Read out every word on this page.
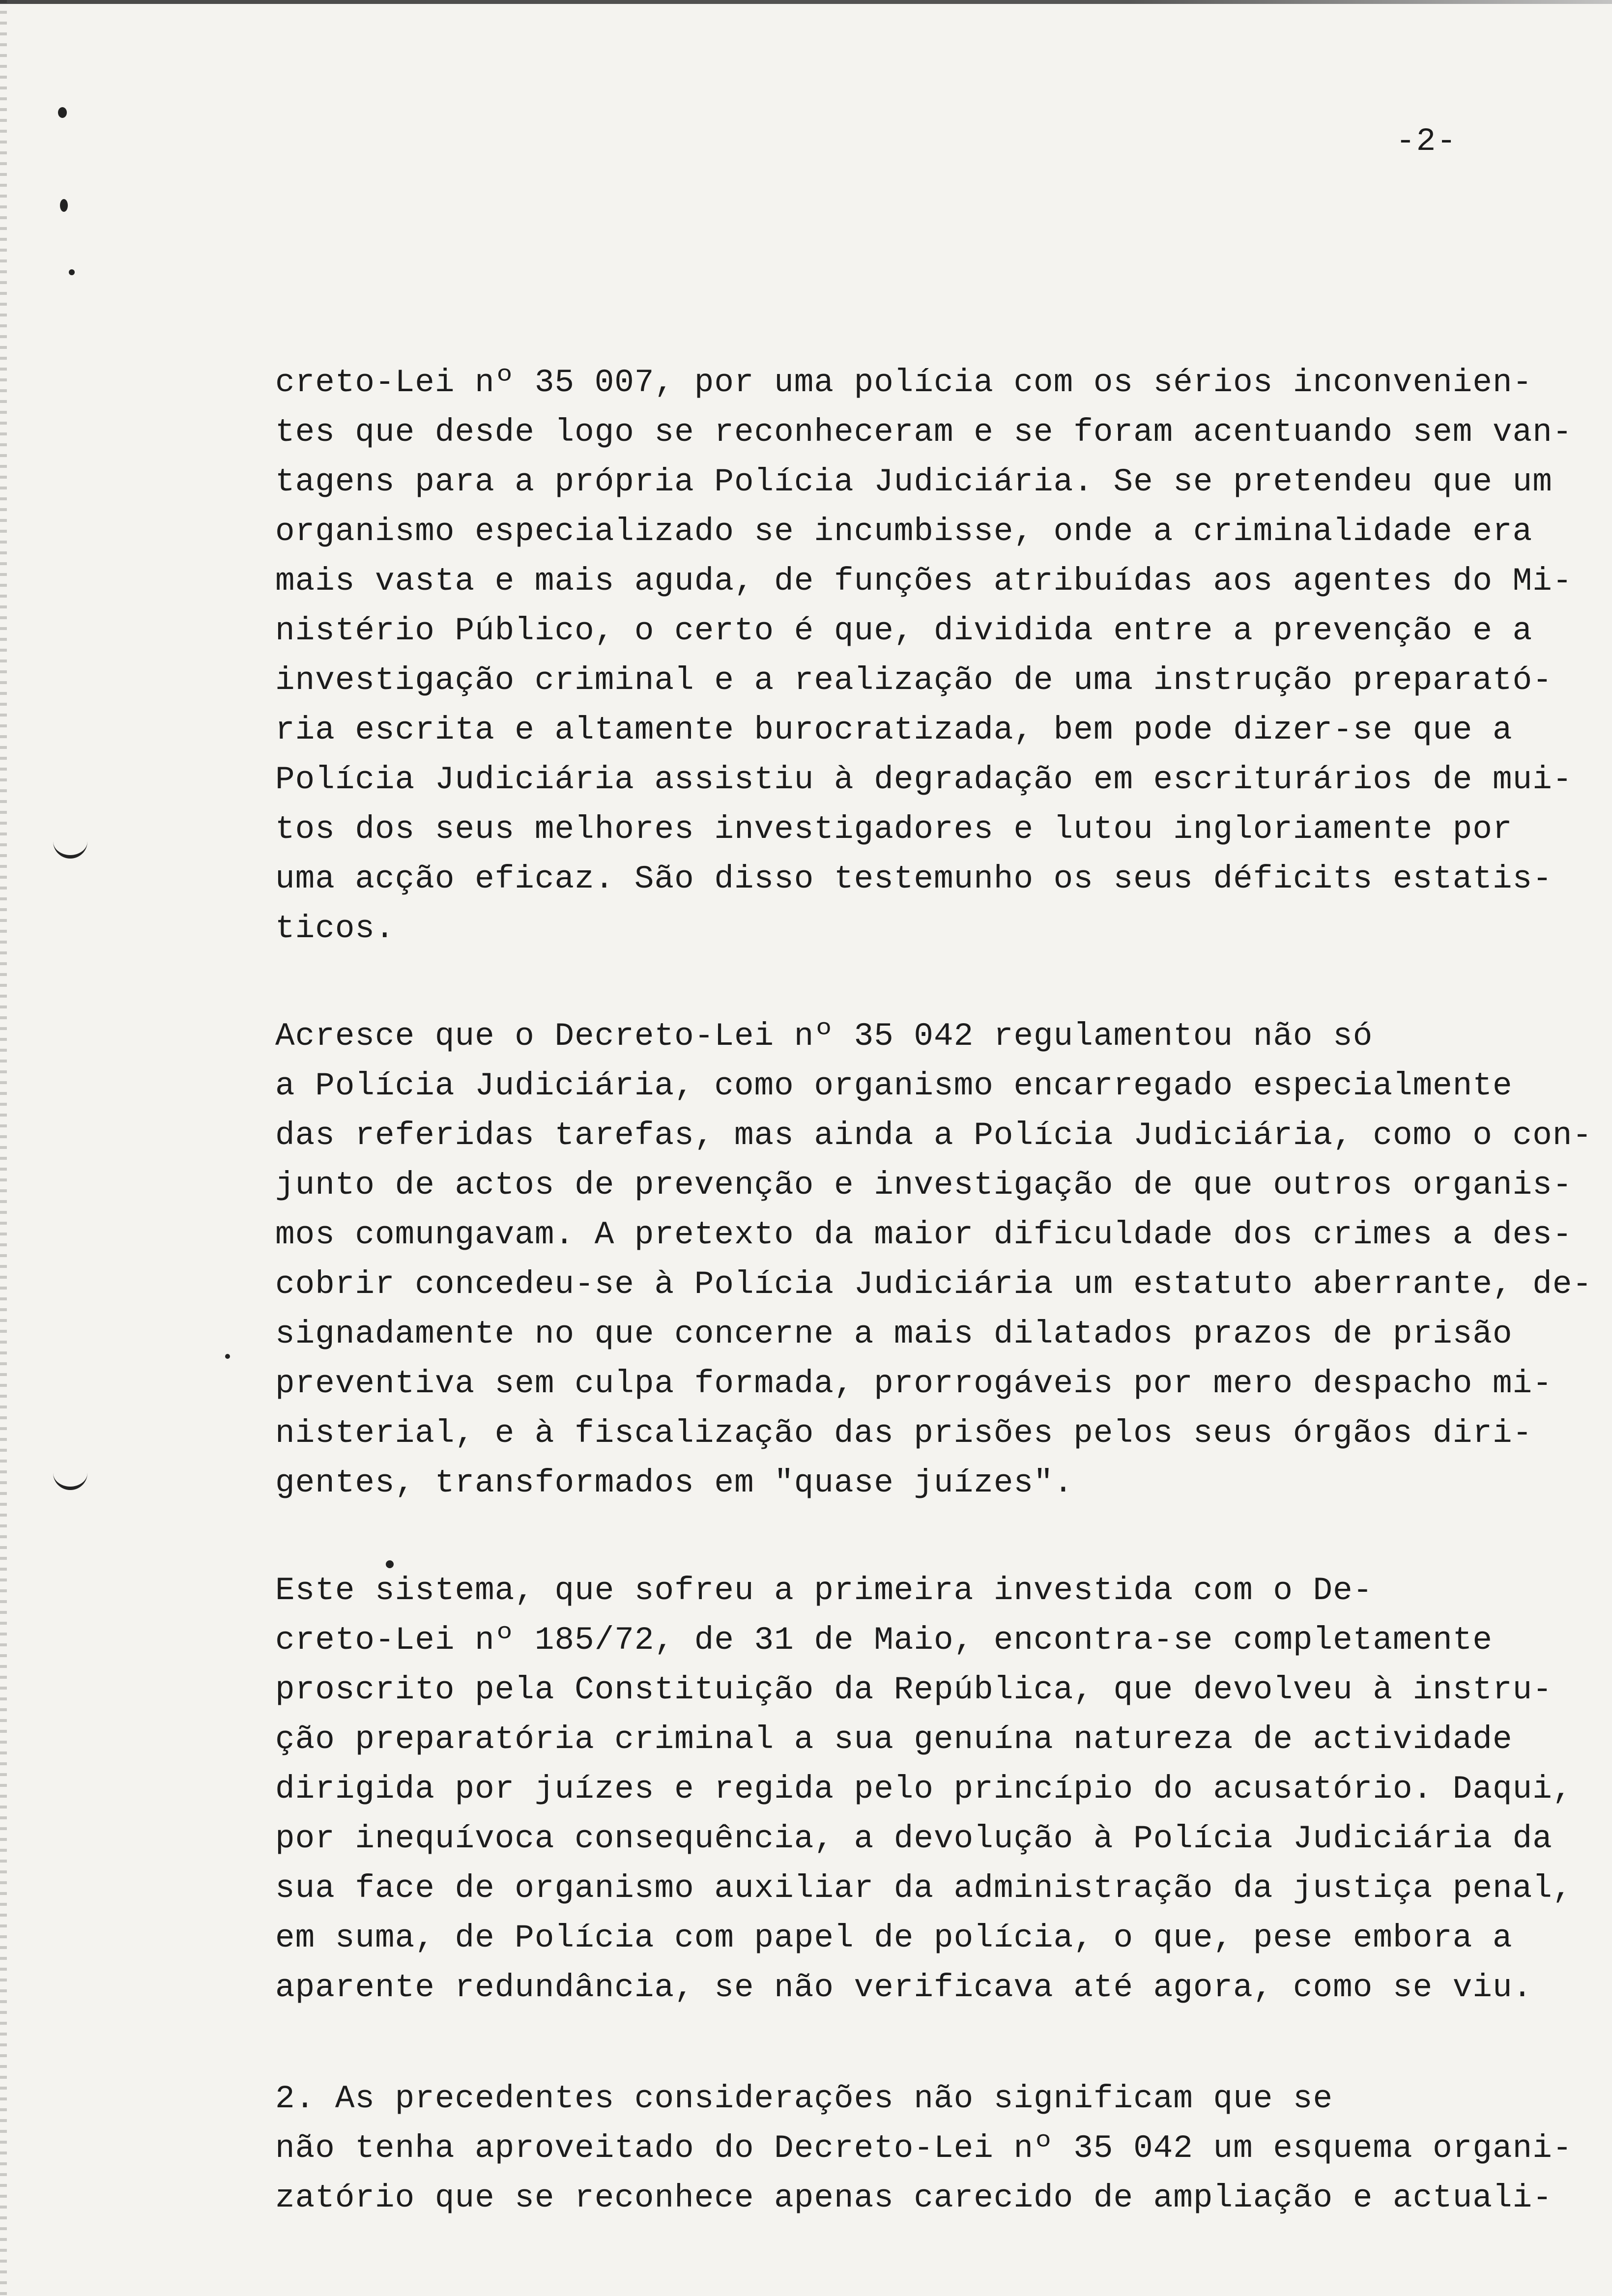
-2-
creto-Lei nº 35 007, por uma polícia com os sérios inconvenien-
tes que desde logo se reconheceram e se foram acentuando sem van-
tagens para a própria Polícia Judiciária. Se se pretendeu que um
organismo especializado se incumbisse, onde a criminalidade era
mais vasta e mais aguda, de funções atribuídas aos agentes do Mi-
nistério Público, o certo é que, dividida entre a prevenção e a
investigação criminal e a realização de uma instrução preparató-
ria escrita e altamente burocratizada, bem pode dizer-se que a
Polícia Judiciária assistiu à degradação em escriturários de mui-
tos dos seus melhores investigadores e lutou ingloriamente por
uma acção eficaz. São disso testemunho os seus déficits estatis-
ticos.
Acresce que o Decreto-Lei nº 35 042 regulamentou não só
a Polícia Judiciária, como organismo encarregado especialmente
das referidas tarefas, mas ainda a Polícia Judiciária, como o con-
junto de actos de prevenção e investigação de que outros organis-
mos comungavam. A pretexto da maior dificuldade dos crimes a des-
cobrir concedeu-se à Polícia Judiciária um estatuto aberrante, de-
signadamente no que concerne a mais dilatados prazos de prisão
preventiva sem culpa formada, prorrogáveis por mero despacho mi-
nisterial, e à fiscalização das prisões pelos seus órgãos diri-
gentes, transformados em "quase juízes".
Este sistema, que sofreu a primeira investida com o De-
creto-Lei nº 185/72, de 31 de Maio, encontra-se completamente
proscrito pela Constituição da República, que devolveu à instru-
ção preparatória criminal a sua genuína natureza de actividade
dirigida por juízes e regida pelo princípio do acusatório. Daqui,
por inequívoca consequência, a devolução à Polícia Judiciária da
sua face de organismo auxiliar da administração da justiça penal,
em suma, de Polícia com papel de polícia, o que, pese embora a
aparente redundância, se não verificava até agora, como se viu.
2. As precedentes considerações não significam que se
não tenha aproveitado do Decreto-Lei nº 35 042 um esquema organi-
zatório que se reconhece apenas carecido de ampliação e actuali-
